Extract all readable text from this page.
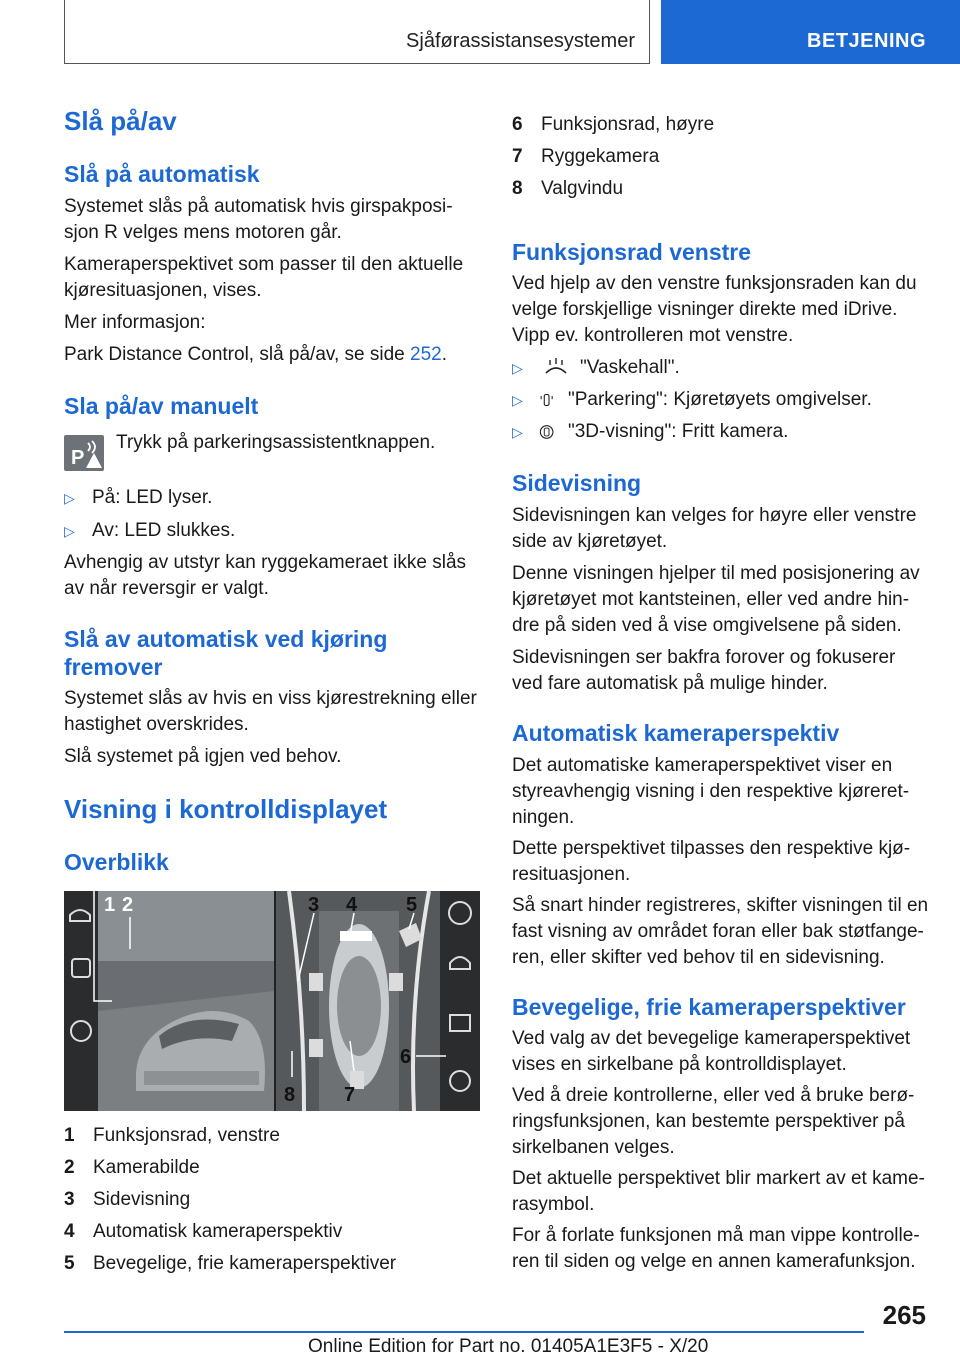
Sjåførassistansesystemer	BETJENING
Slå på/av
Slå på automatisk
Systemet slås på automatisk hvis girspakposi-
sjon R velges mens motoren går.
Kameraperspektivet som passer til den aktuelle
kjøresituasjonen, vises.
Mer informasjon:
Park Distance Control, slå på/av, se side 252.
Sla på/av manuelt
P
Trykk på parkeringsassistentknappen.
▷ På: LED lyser.
▷ Av: LED slukkes.
Avhengig av utstyr kan ryggekameraet ikke slås
av når reversgir er valgt.
Slå av automatisk ved kjøring
fremover
Systemet slås av hvis en viss kjørestrekning eller
hastighet overskrides.
Slå systemet på igjen ved behov.
Visning i kontrolldisplayet
Overblikk
1 2	3 4 5
6
7
8
1 Funksjonsrad, venstre
2 Kamerabilde
3 Sidevisning
4 Automatisk kameraperspektiv
5 Bevegelige, frie kameraperspektiver
6 Funksjonsrad, høyre
7 Ryggekamera
8 Valgvindu
Funksjonsrad venstre
Ved hjelp av den venstre funksjonsraden kan du
velge forskjellige visninger direkte med iDrive.
Vipp ev. kontrolleren mot venstre.
▷	"Vaskehall".
▷ "Parkering": Kjøretøyets omgivelser.
▷ "3D-visning": Fritt kamera.
Sidevisning
Sidevisningen kan velges for høyre eller venstre
side av kjøretøyet.
Denne visningen hjelper til med posisjonering av
kjøretøyet mot kantsteinen, eller ved andre hin-
dre på siden ved å vise omgivelsene på siden.
Sidevisningen ser bakfra forover og fokuserer
ved fare automatisk på mulige hinder.
Automatisk kameraperspektiv
Det automatiske kameraperspektivet viser en
styreavhengig visning i den respektive kjøreret-
ningen.
Dette perspektivet tilpasses den respektive kjø-
resituasjonen.
Så snart hinder registreres, skifter visningen til en
fast visning av området foran eller bak støtfange-
ren, eller skifter ved behov til en sidevisning.
Bevegelige, frie kameraperspektiver
Ved valg av det bevegelige kameraperspektivet
vises en sirkelbane på kontrolldisplayet.
Ved å dreie kontrollerne, eller ved å bruke berø-
ringsfunksjonen, kan bestemte perspektiver på
sirkelbanen velges.
Det aktuelle perspektivet blir markert av et kame-
rasymbol.
For å forlate funksjonen må man vippe kontrolle-
ren til siden og velge en annen kamerafunksjon.
265
Online Edition for Part no. 01405A1E3F5 - X/20
